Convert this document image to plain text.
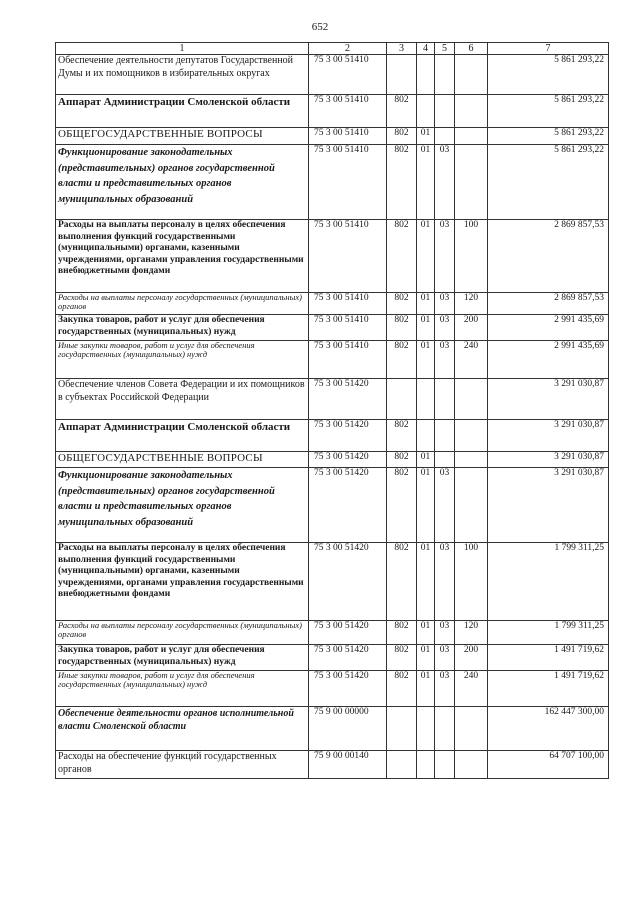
652
1	2	3	4	5	6	7
Обеспечение деятельности депутатов Государственной Думы и их помощников в избирательных округах	75 3 00 51410					5 861 293,22
Аппарат Администрации Смоленской области	75 3 00 51410	802				5 861 293,22
ОБЩЕГОСУДАРСТВЕННЫЕ ВОПРОСЫ	75 3 00 51410	802	01			5 861 293,22
Функционирование законодательных (представительных) органов государственной власти и представительных органов муниципальных образований	75 3 00 51410	802	01	03		5 861 293,22
Расходы на выплаты персоналу в целях обеспечения выполнения функций государственными (муниципальными) органами, казенными учреждениями, органами управления государственными внебюджетными фондами	75 3 00 51410	802	01	03	100	2 869 857,53
Расходы на выплаты персоналу государственных (муниципальных) органов	75 3 00 51410	802	01	03	120	2 869 857,53
Закупка товаров, работ и услуг для обеспечения государственных (муниципальных) нужд	75 3 00 51410	802	01	03	200	2 991 435,69
Иные закупки товаров, работ и услуг для обеспечения государственных (муниципальных) нужд	75 3 00 51410	802	01	03	240	2 991 435,69
Обеспечение членов Совета Федерации и их помощников в субъектах Российской Федерации	75 3 00 51420					3 291 030,87
Аппарат Администрации Смоленской области	75 3 00 51420	802				3 291 030,87
ОБЩЕГОСУДАРСТВЕННЫЕ ВОПРОСЫ	75 3 00 51420	802	01			3 291 030,87
Функционирование законодательных (представительных) органов государственной власти и представительных органов муниципальных образований	75 3 00 51420	802	01	03		3 291 030,87
Расходы на выплаты персоналу в целях обеспечения выполнения функций государственными (муниципальными) органами, казенными учреждениями, органами управления государственными внебюджетными фондами	75 3 00 51420	802	01	03	100	1 799 311,25
Расходы на выплаты персоналу государственных (муниципальных) органов	75 3 00 51420	802	01	03	120	1 799 311,25
Закупка товаров, работ и услуг для обеспечения государственных (муниципальных) нужд	75 3 00 51420	802	01	03	200	1 491 719,62
Иные закупки товаров, работ и услуг для обеспечения государственных (муниципальных) нужд	75 3 00 51420	802	01	03	240	1 491 719,62
Обеспечение деятельности органов исполнительной власти Смоленской области	75 9 00 00000					162 447 300,00
Расходы на обеспечение функций государственных органов	75 9 00 00140					64 707 100,00
